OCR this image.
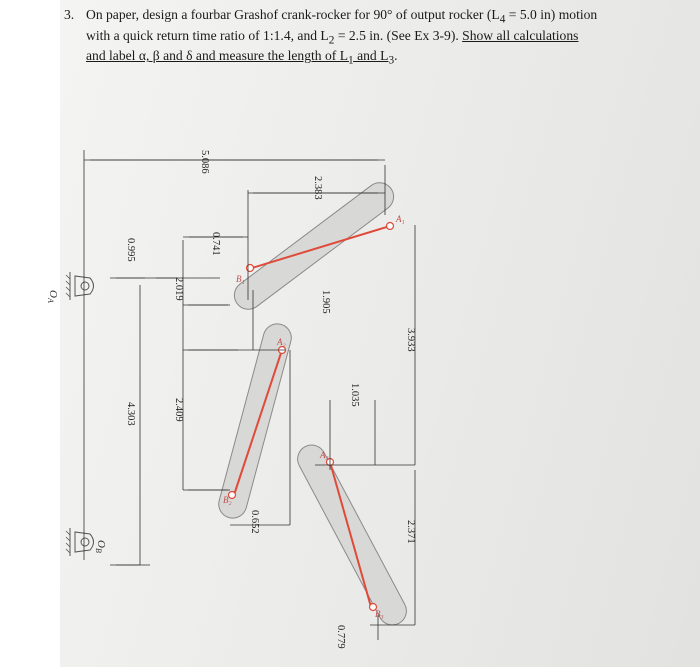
3. On paper, design a fourbar Grashof crank-rocker for 90° of output rocker ($L_4 = 5.0$ in) motion
with a quick return time ratio of 1:1.4, and $L_2 = 2.5$ in. (See Ex 3-9). Show all calculations
and label α, β and δ and measure the length of $L_1$ and $L_3$.
A₁
B₁
A₂
B₂
A₃
B₃
OA
OB
5.086
2.383
0.741
0.995
2.019
4.303	2.409
1.905
3.933
1.035
2.371
0.652
0.779
